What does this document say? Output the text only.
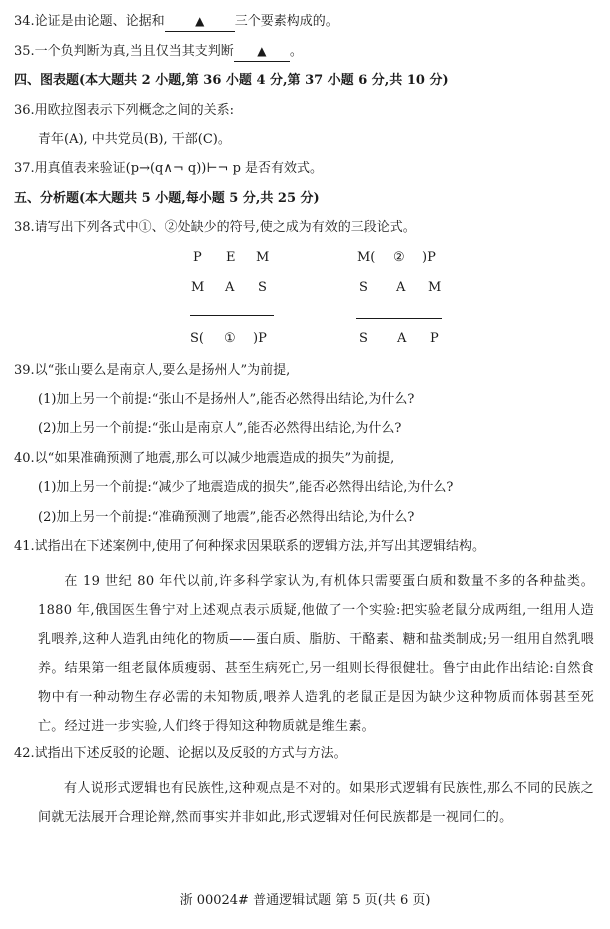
34.论证是由论题、论据和	▲ 三个要素构成的。
35.一个负判断为真,当且仅当其支判断 ▲ 。
四、图表题(本大题共 2 小题,第 36 小题 4 分,第 37 小题 6 分,共 10 分)
36.用欧拉图表示下列概念之间的关系:
青年(A), 中共党员(B), 干部(C)。
37.用真值表来验证(p→(q∧¬ q))⊢¬ p 是否有效式。
五、分析题(本大题共 5 小题,每小题 5 分,共 25 分)
38.请写出下列各式中①、②处缺少的符号,使之成为有效的三段论式。
P E M
M A S
S( ① )P
M( ② )P
S A M
S A P
39.以“张山要么是南京人,要么是扬州人”为前提,
(1)加上另一个前提:“张山不是扬州人”,能否必然得出结论,为什么?
(2)加上另一个前提:“张山是南京人”,能否必然得出结论,为什么?
40.以“如果准确预测了地震,那么可以减少地震造成的损失”为前提,
(1)加上另一个前提:“减少了地震造成的损失”,能否必然得出结论,为什么?
(2)加上另一个前提:“准确预测了地震”,能否必然得出结论,为什么?
41.试指出在下述案例中,使用了何种探求因果联系的逻辑方法,并写出其逻辑结构。
在 19 世纪 80 年代以前,许多科学家认为,有机体只需要蛋白质和数量不多的各种盐类。1880 年,俄国医生鲁宁对上述观点表示质疑,他做了一个实验:把实验老鼠分成两组,一组用人造乳喂养,这种人造乳由纯化的物质——蛋白质、脂肪、干酪素、糖和盐类制成;另一组用自然乳喂养。结果第一组老鼠体质瘦弱、甚至生病死亡,另一组则长得很健壮。鲁宁由此作出结论:自然食物中有一种动物生存必需的未知物质,喂养人造乳的老鼠正是因为缺少这种物质而体弱甚至死亡。经过进一步实验,人们终于得知这种物质就是维生素。
42.试指出下述反驳的论题、论据以及反驳的方式与方法。
有人说形式逻辑也有民族性,这种观点是不对的。如果形式逻辑有民族性,那么不同的民族之间就无法展开合理论辩,然而事实并非如此,形式逻辑对任何民族都是一视同仁的。
浙 00024# 普通逻辑试题 第 5 页(共 6 页)
